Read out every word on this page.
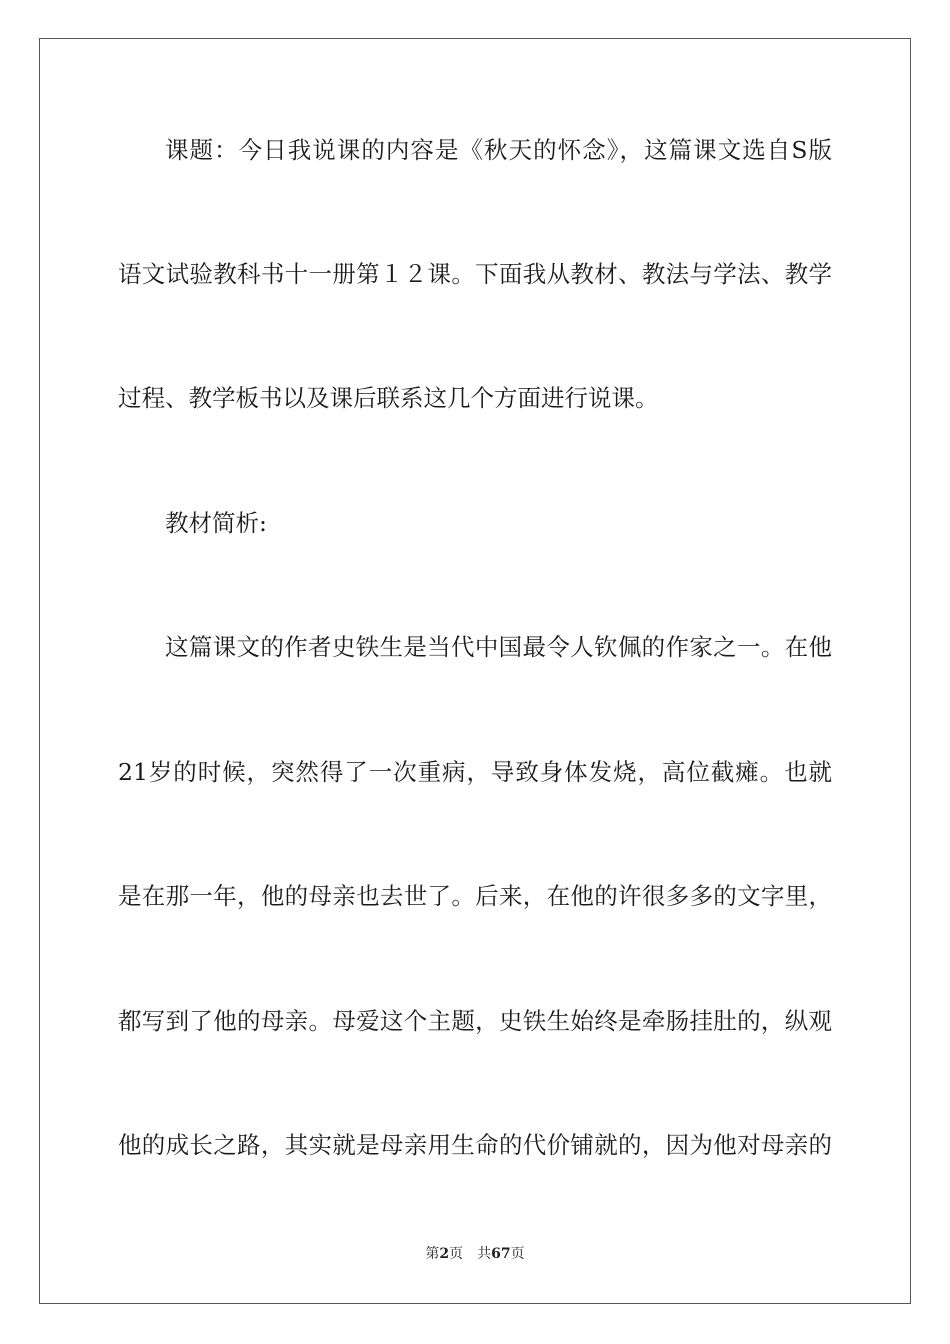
课题：今日我说课的内容是《秋天的怀念》，这篇课文选自S版
语文试验教科书十一册第１２课。下面我从教材、教法与学法、教学
过程、教学板书以及课后联系这几个方面进行说课。
教材简析:
这篇课文的作者史铁生是当代中国最令人钦佩的作家之一。在他
21岁的时候，突然得了一次重病，导致身体发烧，高位截瘫。也就
是在那一年，他的母亲也去世了。后来，在他的许很多多的文字里，
都写到了他的母亲。母爱这个主题，史铁生始终是牵肠挂肚的，纵观
他的成长之路，其实就是母亲用生命的代价铺就的，因为他对母亲的
第2页 共67页
